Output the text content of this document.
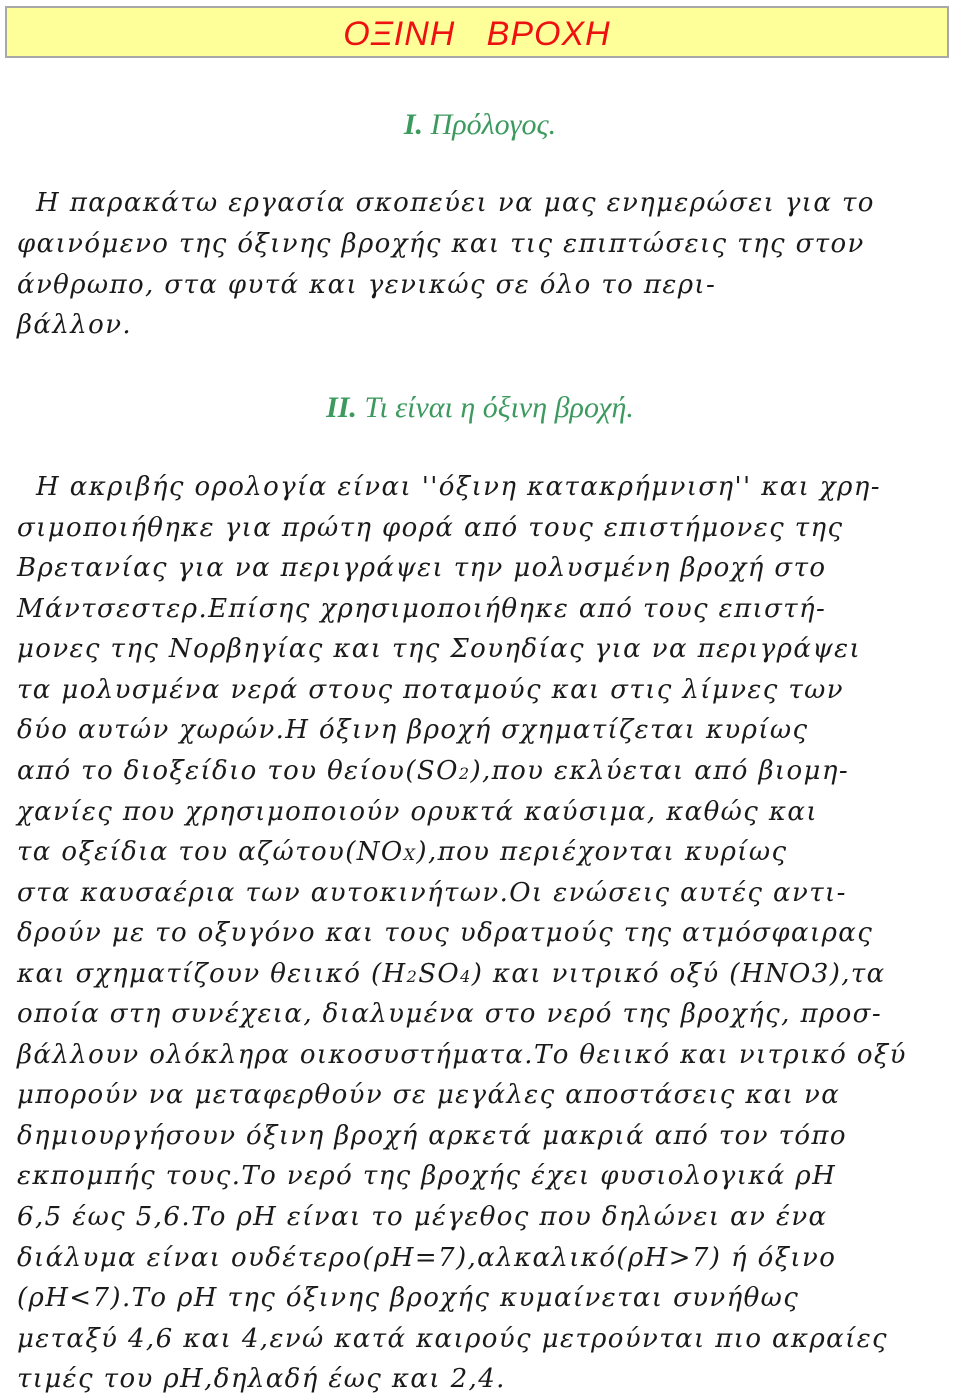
ΟΞΙΝΗ   ΒΡΟΧΗ
Ι. Πρόλογος.
Η παρακάτω εργασία σκοπεύει να μας ενημερώσει για το
φαινόμενο της όξινης βροχής και τις επιπτώσεις της στον
άνθρωπο, στα φυτά και γενικώς σε όλο το περι-
βάλλον.
ΙΙ. Τι είναι η όξινη βροχή.
Η ακριβής ορολογία είναι ''όξινη κατακρήμνιση'' και χρη-
σιμοποιήθηκε για πρώτη φορά από τους επιστήμονες της
Βρετανίας για να περιγράψει την μολυσμένη βροχή στο
Μάντσεστερ.Επίσης χρησιμοποιήθηκε από τους επιστή-
μονες της Νορβηγίας και της Σουηδίας για να περιγράψει
τα μολυσμένα νερά στους ποταμούς και στις λίμνες των
δύο αυτών χωρών.Η όξινη βροχή σχηματίζεται κυρίως
από το διοξείδιο του θείου(SO2),που εκλύεται από βιομη-
χανίες που χρησιμοποιούν ορυκτά καύσιμα, καθώς και
τα οξείδια του αζώτου(NOX),που περιέχονται κυρίως
στα καυσαέρια των αυτοκινήτων.Οι ενώσεις αυτές αντι-
δρούν με το οξυγόνο και τους υδρατμούς της ατμόσφαιρας
και σχηματίζουν θειικό (H2SO4) και νιτρικό οξύ (HNO3),τα
οποία στη συνέχεια, διαλυμένα στο νερό της βροχής, προσ-
βάλλουν ολόκληρα οικοσυστήματα.Το θειικό και νιτρικό οξύ
μπορούν να μεταφερθούν σε μεγάλες αποστάσεις και να
δημιουργήσουν όξινη βροχή αρκετά μακριά από τον τόπο
εκπομπής τους.Το νερό της βροχής έχει φυσιολογικά ρΗ
6,5 έως 5,6.Το ρΗ είναι το μέγεθος που δηλώνει αν ένα
διάλυμα είναι ουδέτερο(ρΗ=7),αλκαλικό(ρΗ>7) ή όξινο
(ρΗ<7).Το ρΗ της όξινης βροχής κυμαίνεται συνήθως
μεταξύ 4,6 και 4,ενώ κατά καιρούς μετρούνται πιο ακραίες
τιμές του ρΗ,δηλαδή έως και 2,4.
